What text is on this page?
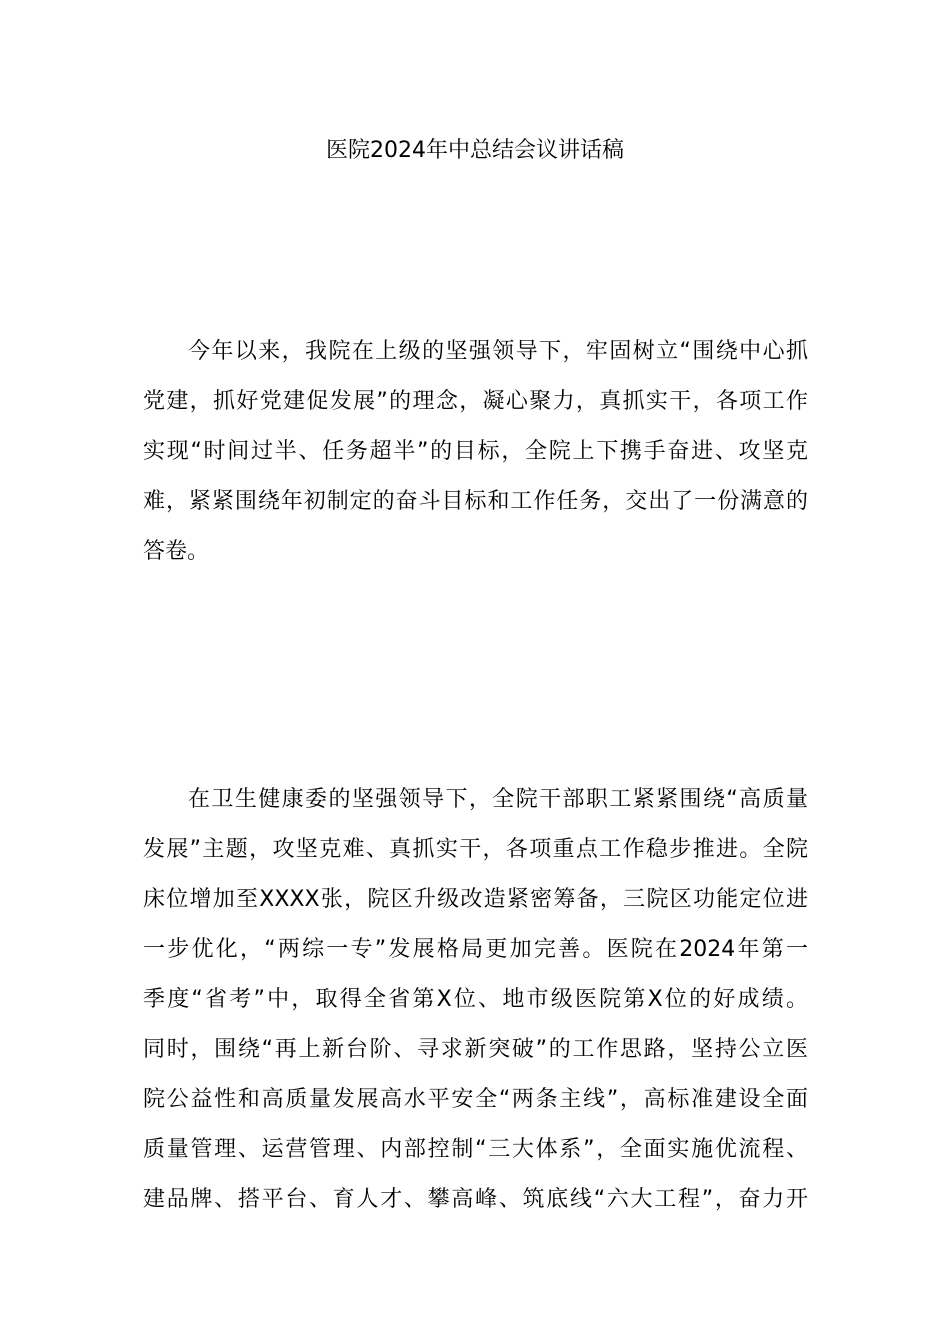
医院2024年中总结会议讲话稿
今年以来，我院在上级的坚强领导下，牢固树立“围绕中心抓
党建，抓好党建促发展”的理念，凝心聚力，真抓实干，各项工作
实现“时间过半、任务超半”的目标，全院上下携手奋进、攻坚克
难，紧紧围绕年初制定的奋斗目标和工作任务，交出了一份满意的
答卷。
在卫生健康委的坚强领导下，全院干部职工紧紧围绕“高质量
发展”主题，攻坚克难、真抓实干，各项重点工作稳步推进。全院
床位增加至XXXX张，院区升级改造紧密筹备，三院区功能定位进
一步优化，“两综一专”发展格局更加完善。医院在2024年第一
季度“省考”中，取得全省第X位、地市级医院第X位的好成绩。
同时，围绕“再上新台阶、寻求新突破”的工作思路，坚持公立医
院公益性和高质量发展高水平安全“两条主线”，高标准建设全面
质量管理、运营管理、内部控制“三大体系”，全面实施优流程、
建品牌、搭平台、育人才、攀高峰、筑底线“六大工程”，奋力开
